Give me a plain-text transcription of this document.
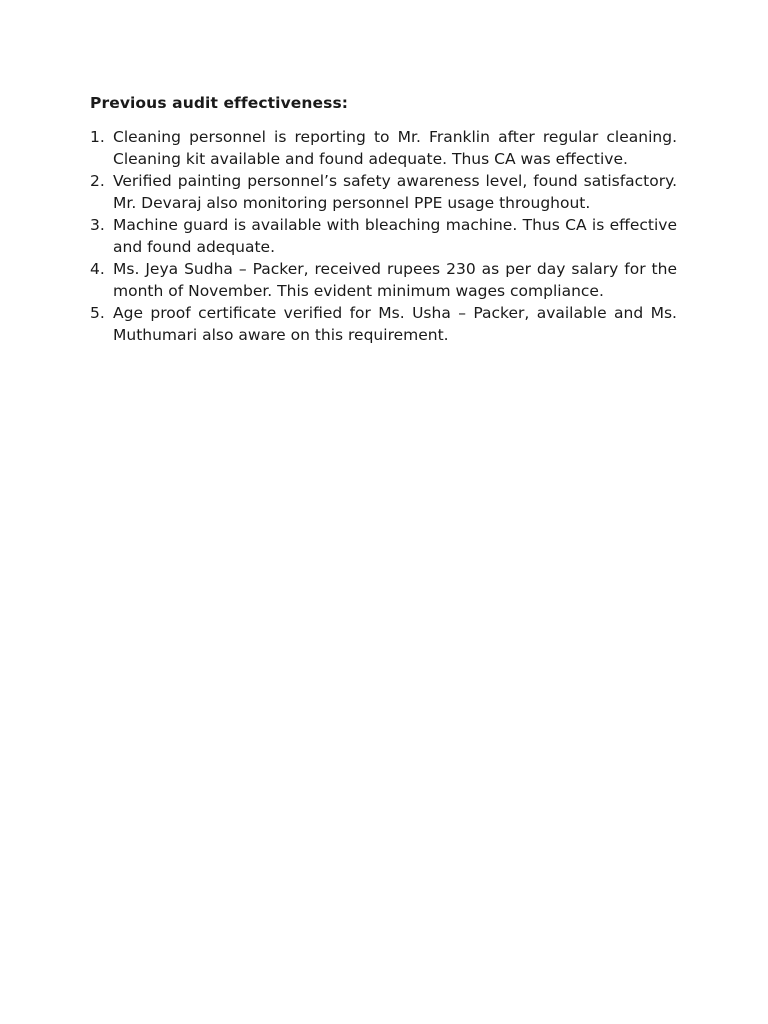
Previous audit effectiveness:
1. Cleaning personnel is reporting to Mr. Franklin after regular cleaning. Cleaning kit available and found adequate. Thus CA was effective.
2. Verified painting personnel’s safety awareness level, found satisfactory. Mr. Devaraj also monitoring personnel PPE usage throughout.
3. Machine guard is available with bleaching machine. Thus CA is effective and found adequate.
4. Ms. Jeya Sudha – Packer, received rupees 230 as per day salary for the month of November. This evident minimum wages compliance.
5. Age proof certificate verified for Ms. Usha – Packer, available and Ms. Muthumari also aware on this requirement.
